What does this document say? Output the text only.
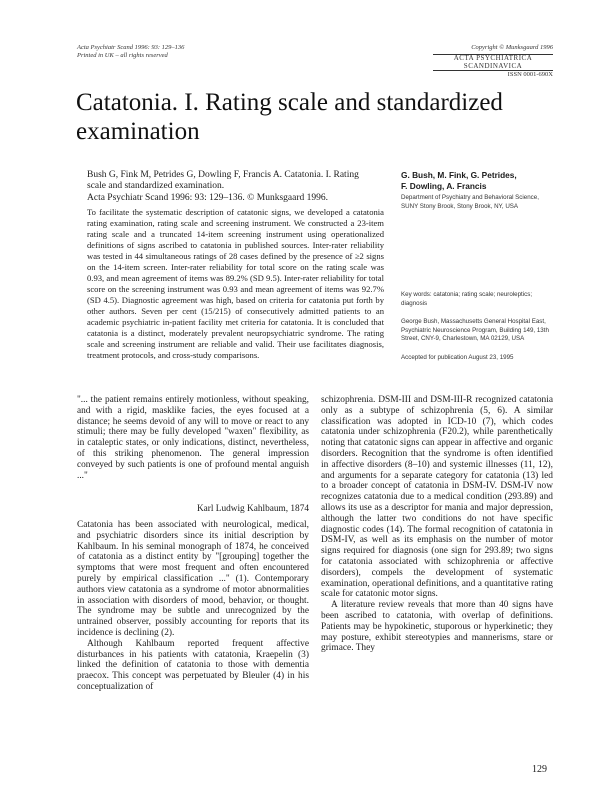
Acta Psychiatr Scand 1996: 93: 129–136
Printed in UK – all rights reserved
Copyright © Munksgaard 1996
ACTA PSYCHIATRICA SCANDINAVICA
ISSN 0001-690X
Catatonia. I. Rating scale and standardized examination
Bush G, Fink M, Petrides G, Dowling F, Francis A. Catatonia. I. Rating
scale and standardized examination.
Acta Psychiatr Scand 1996: 93: 129–136. © Munksgaard 1996.

To facilitate the systematic description of catatonic signs, we developed a catatonia rating examination, rating scale and screening instrument. We constructed a 23-item rating scale and a truncated 14-item screening instrument using operationalized definitions of signs ascribed to catatonia in published sources. Inter-rater reliability was tested in 44 simultaneous ratings of 28 cases defined by the presence of ≥2 signs on the 14-item screen. Inter-rater reliability for total score on the rating scale was 0.93, and mean agreement of items was 89.2% (SD 9.5). Inter-rater reliability for total score on the screening instrument was 0.93 and mean agreement of items was 92.7% (SD 4.5). Diagnostic agreement was high, based on criteria for catatonia put forth by other authors. Seven per cent (15/215) of consecutively admitted patients to an academic psychiatric in-patient facility met criteria for catatonia. It is concluded that catatonia is a distinct, moderately prevalent neuropsychiatric syndrome. The rating scale and screening instrument are reliable and valid. Their use facilitates diagnosis, treatment protocols, and cross-study comparisons.

G. Bush, M. Fink, G. Petrides,
F. Dowling, A. Francis
Department of Psychiatry and Behavioral Science, SUNY Stony Brook, Stony Brook, NY, USA
Key words: catatonia; rating scale; neuroleptics; diagnosis
George Bush, Massachusetts General Hospital East, Psychiatric Neuroscience Program, Building 149, 13th Street, CNY-9, Charlestown, MA 02129, USA
Accepted for publication August 23, 1995

"... the patient remains entirely motionless, without speaking, and with a rigid, masklike facies, the eyes focused at a distance; he seems devoid of any will to move or react to any stimuli; there may be fully developed "waxen" flexibility, as in cataleptic states, or only indications, distinct, nevertheless, of this striking phenomenon. The general impression conveyed by such patients is one of profound mental anguish ..."

Karl Ludwig Kahlbaum, 1874

Catatonia has been associated with neurological, medical, and psychiatric disorders since its initial description by Kahlbaum. In his seminal monograph of 1874, he conceived of catatonia as a distinct entity by "[grouping] together the symptoms that were most frequent and often encountered purely by empirical classification ..." (1). Contemporary authors view catatonia as a syndrome of motor abnormalities in association with disorders of mood, behavior, or thought. The syndrome may be subtle and unrecognized by the untrained observer, possibly accounting for reports that its incidence is declining (2).

Although Kahlbaum reported frequent affective disturbances in his patients with catatonia, Kraepelin (3) linked the definition of catatonia to those with dementia praecox. This concept was perpetuated by Bleuler (4) in his conceptualization of

schizophrenia. DSM-III and DSM-III-R recognized catatonia only as a subtype of schizophrenia (5, 6). A similar classification was adopted in ICD-10 (7), which codes catatonia under schizophrenia (F20.2), while parenthetically noting that catatonic signs can appear in affective and organic disorders. Recognition that the syndrome is often identified in affective disorders (8–10) and systemic illnesses (11, 12), and arguments for a separate category for catatonia (13) led to a broader concept of catatonia in DSM-IV. DSM-IV now recognizes catatonia due to a medical condition (293.89) and allows its use as a descriptor for mania and major depression, although the latter two conditions do not have specific diagnostic codes (14). The formal recognition of catatonia in DSM-IV, as well as its emphasis on the number of motor signs required for diagnosis (one sign for 293.89; two signs for catatonia associated with schizophrenia or affective disorders), compels the development of systematic examination, operational definitions, and a quantitative rating scale for catatonic motor signs.

A literature review reveals that more than 40 signs have been ascribed to catatonia, with overlap of definitions. Patients may be hypokinetic, stuporous or hyperkinetic; they may posture, exhibit stereotypies and mannerisms, stare or grimace. They

129
